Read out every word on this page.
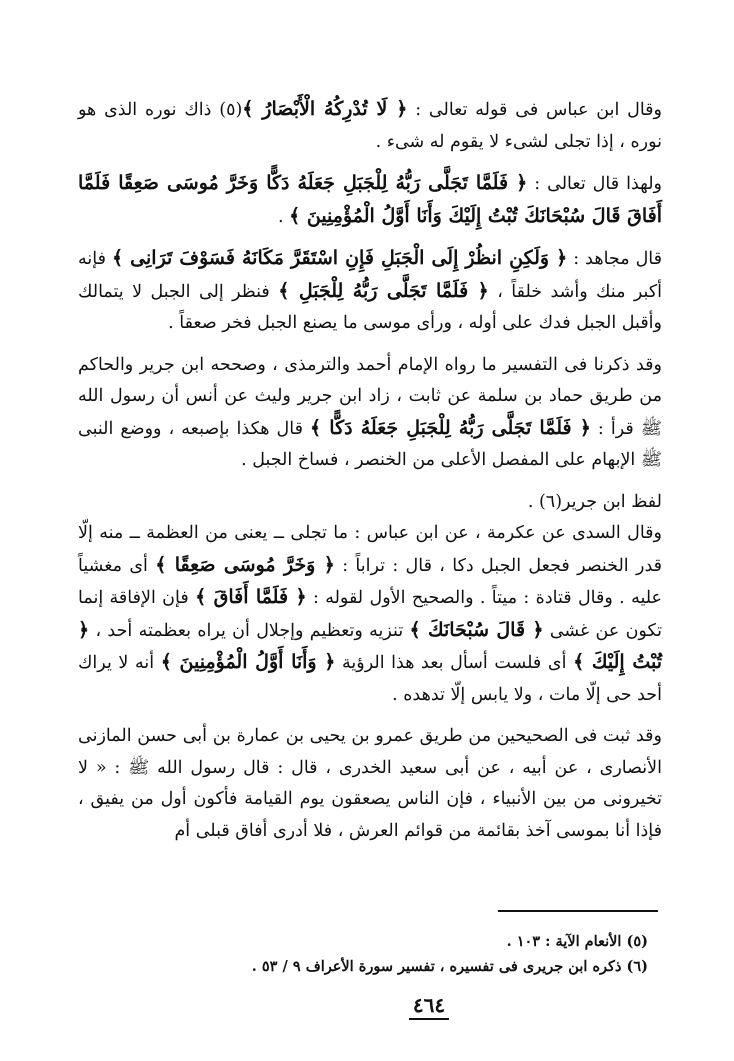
وقال ابن عباس فى قوله تعالى : ﴿ لَا تُدْرِكُهُ الْأَبْصَارُ ﴾(٥) ذاك نوره الذى هو نوره ، إذا تجلى لشىء لا يقوم له شىء .

ولهذا قال تعالى : ﴿ فَلَمَّا تَجَلَّى رَبُّهُ لِلْجَبَلِ جَعَلَهُ دَكًّا وَخَرَّ مُوسَى صَعِقًا فَلَمَّا أَفَاقَ قَالَ سُبْحَانَكَ تُبْتُ إِلَيْكَ وَأَنَا أَوَّلُ الْمُؤْمِنِينَ ﴾ .

قال مجاهد : ﴿ وَلَكِنِ انظُرْ إِلَى الْجَبَلِ فَإِنِ اسْتَقَرَّ مَكَانَهُ فَسَوْفَ تَرَانِى ﴾ فإنه أكبر منك وأشد خلقاً ، ﴿ فَلَمَّا تَجَلَّى رَبُّهُ لِلْجَبَلِ ﴾ فنظر إلى الجبل لا يتمالك وأقبل الجبل فدك على أوله ، ورأى موسى ما يصنع الجبل فخر صعقاً .

وقد ذكرنا فى التفسير ما رواه الإمام أحمد والترمذى ، وصححه ابن جرير والحاكم من طريق حماد بن سلمة عن ثابت ، زاد ابن جرير وليث عن أنس أن رسول الله ﷺ قرأ : ﴿ فَلَمَّا تَجَلَّى رَبُّهُ لِلْجَبَلِ جَعَلَهُ دَكًّا ﴾ قال هكذا بإصبعه ، ووضع النبى ﷺ الإبهام على المفصل الأعلى من الخنصر ، فساخ الجبل .

لفظ ابن جرير(٦) .

وقال السدى عن عكرمة ، عن ابن عباس : ما تجلى ــ يعنى من العظمة ــ منه إلّا قدر الخنصر فجعل الجبل دكا ، قال : تراباً : ﴿ وَخَرَّ مُوسَى صَعِقًا ﴾ أى مغشياً عليه . وقال قتادة : ميتاً . والصحيح الأول لقوله : ﴿ فَلَمَّا أَفَاقَ ﴾ فإن الإفاقة إنما تكون عن غشى ﴿ قَالَ سُبْحَانَكَ ﴾ تنزيه وتعظيم وإجلال أن يراه بعظمته أحد ، ﴿ تُبْتُ إِلَيْكَ ﴾ أى فلست أسأل بعد هذا الرؤية ﴿ وَأَنَا أَوَّلُ الْمُؤْمِنِينَ ﴾ أنه لا يراك أحد حى إلّا مات ، ولا يابس إلّا تدهده .

وقد ثبت فى الصحيحين من طريق عمرو بن يحيى بن عمارة بن أبى حسن المازنى الأنصارى ، عن أبيه ، عن أبى سعيد الخدرى ، قال : قال رسول الله ﷺ : « لا تخيرونى من بين الأنبياء ، فإن الناس يصعقون يوم القيامة فأكون أول من يفيق ، فإذا أنا بموسى آخذ بقائمة من قوائم العرش ، فلا أدرى أفاق قبلى أم

(٥) الأنعام الآية : ١٠٣ .
(٦) ذكره ابن جريرى فى تفسيره ، تفسير سورة الأعراف ٩ / ٥٣ .
٤٦٤
